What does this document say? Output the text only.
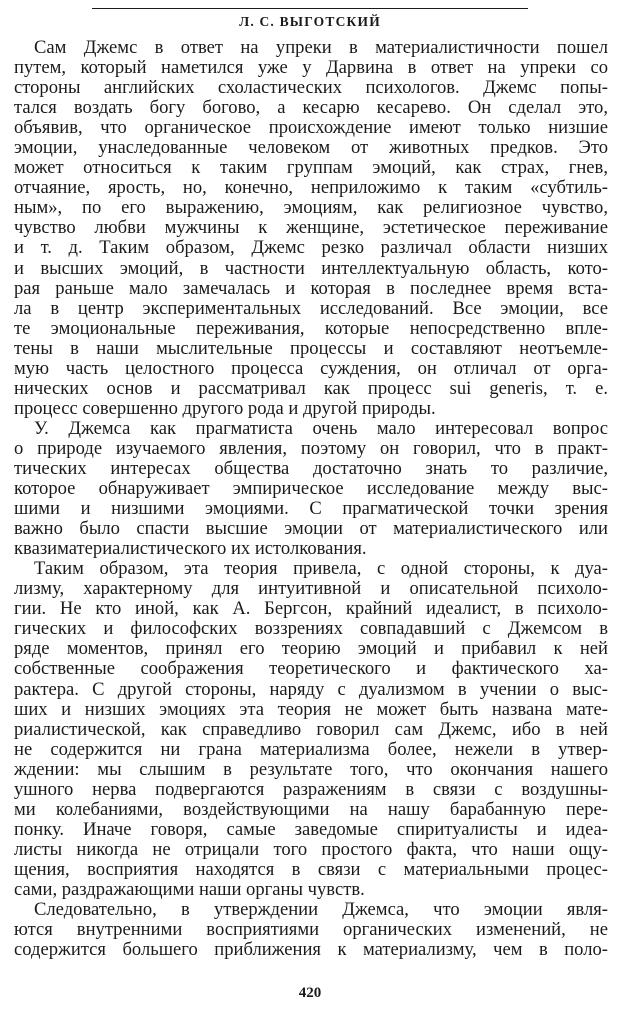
Л. С. ВЫГОТСКИЙ
Сам Джемс в ответ на упреки в материалистичности пошел
путем, который наметился уже у Дарвина в ответ на упреки со
стороны английских схоластических психологов. Джемс попы-
тался воздать богу богово, а кесарю кесарево. Он сделал это,
объявив, что органическое происхождение имеют только низшие
эмоции, унаследованные человеком от животных предков. Это
может относиться к таким группам эмоций, как страх, гнев,
отчаяние, ярость, но, конечно, неприложимо к таким «субтиль-
ным», по его выражению, эмоциям, как религиозное чувство,
чувство любви мужчины к женщине, эстетическое переживание
и т. д. Таким образом, Джемс резко различал области низших
и высших эмоций, в частности интеллектуальную область, кото-
рая раньше мало замечалась и которая в последнее время вста-
ла в центр экспериментальных исследований. Все эмоции, все
те эмоциональные переживания, которые непосредственно вплe-
тены в наши мыслительные процессы и составляют неотъемле-
мую часть целостного процесса суждения, он отличал от орга-
нических основ и рассматривал как процесс sui generis, т. е.
процесс совершенно другого рода и другой природы.
У. Джемса как прагматиста очень мало интересовал вопрос
о природе изучаемого явления, поэтому он говорил, что в практ-
тических интересах общества достаточно знать то различие,
которое обнаруживает эмпирическое исследование между выс-
шими и низшими эмоциями. С прагматической точки зрения
важно было спасти высшие эмоции от материалистического или
квазиматериалистического их истолкования.
Таким образом, эта теория привела, с одной стороны, к дуа-
лизму, характерному для интуитивной и описательной психоло-
гии. Не кто иной, как А. Бергсон, крайний идеалист, в психоло-
гических и философских воззрениях совпадавший с Джемсом в
ряде моментов, принял его теорию эмоций и прибавил к ней
собственные соображения теоретического и фактического ха-
рактера. С другой стороны, наряду с дуализмом в учении о выс-
ших и низших эмоциях эта теория не может быть названа мате-
риалистической, как справедливо говорил сам Джемс, ибо в ней
не содержится ни грана материализма более, нежели в утвер-
ждении: мы слышим в результате того, что окончания нашего
ушного нерва подвергаются разражениям в связи с воздушны-
ми колебаниями, воздействующими на нашу барабанную пере-
понку. Иначе говоря, самые заведомые спиритуалисты и идеа-
листы никогда не отрицали того простого факта, что наши ощу-
щения, восприятия находятся в связи с материальными процес-
сами, раздражающими наши органы чувств.
Следовательно, в утверждении Джемса, что эмоции явля-
ются внутренними восприятиями органических изменений, не
содержится большего приближения к материализму, чем в поло-
420
